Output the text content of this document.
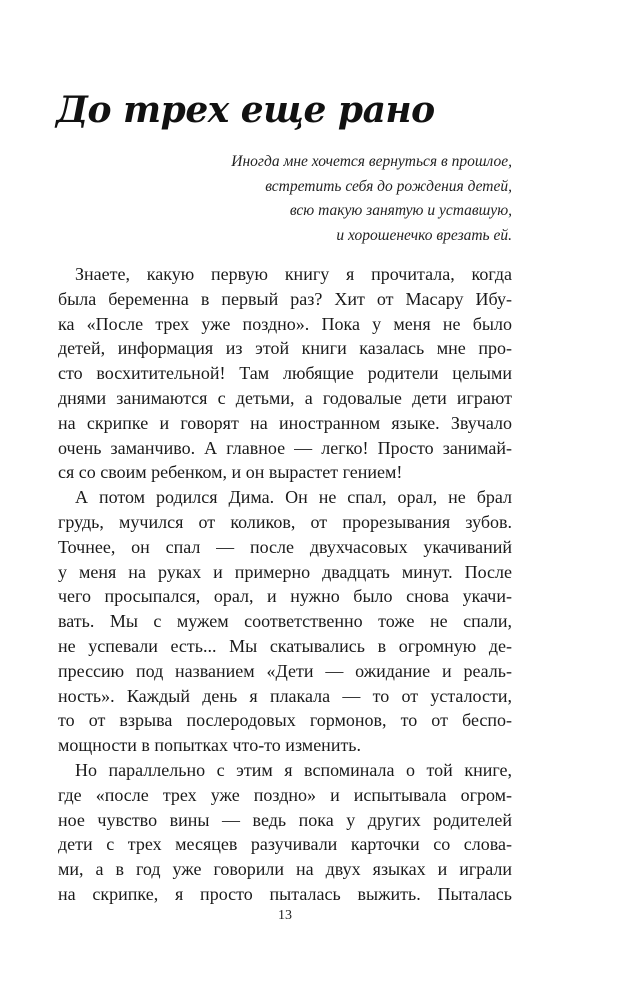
До трех еще рано
Иногда мне хочется вернуться в прошлое,
встретить себя до рождения детей,
всю такую занятую и уставшую,
и хорошенечко врезать ей.
Знаете, какую первую книгу я прочитала, когда
была беременна в первый раз? Хит от Масару Ибу-
ка «После трех уже поздно». Пока у меня не было
детей, информация из этой книги казалась мне про-
сто восхитительной! Там любящие родители целыми
днями занимаются с детьми, а годовалые дети играют
на скрипке и говорят на иностранном языке. Звучало
очень заманчиво. А главное — легко! Просто занимай-
ся со своим ребенком, и он вырастет гением!
А потом родился Дима. Он не спал, орал, не брал
грудь, мучился от коликов, от прорезывания зубов.
Точнее, он спал — после двухчасовых укачиваний
у меня на руках и примерно двадцать минут. После
чего просыпался, орал, и нужно было снова укачи-
вать. Мы с мужем соответственно тоже не спали,
не успевали есть... Мы скатывались в огромную де-
прессию под названием «Дети — ожидание и реаль-
ность». Каждый день я плакала — то от усталости,
то от взрыва послеродовых гормонов, то от беспо-
мощности в попытках что-то изменить.
Но параллельно с этим я вспоминала о той книге,
где «после трех уже поздно» и испытывала огром-
ное чувство вины — ведь пока у других родителей
дети с трех месяцев разучивали карточки со слова-
ми, а в год уже говорили на двух языках и играли
на скрипке, я просто пыталась выжить. Пыталась
13
